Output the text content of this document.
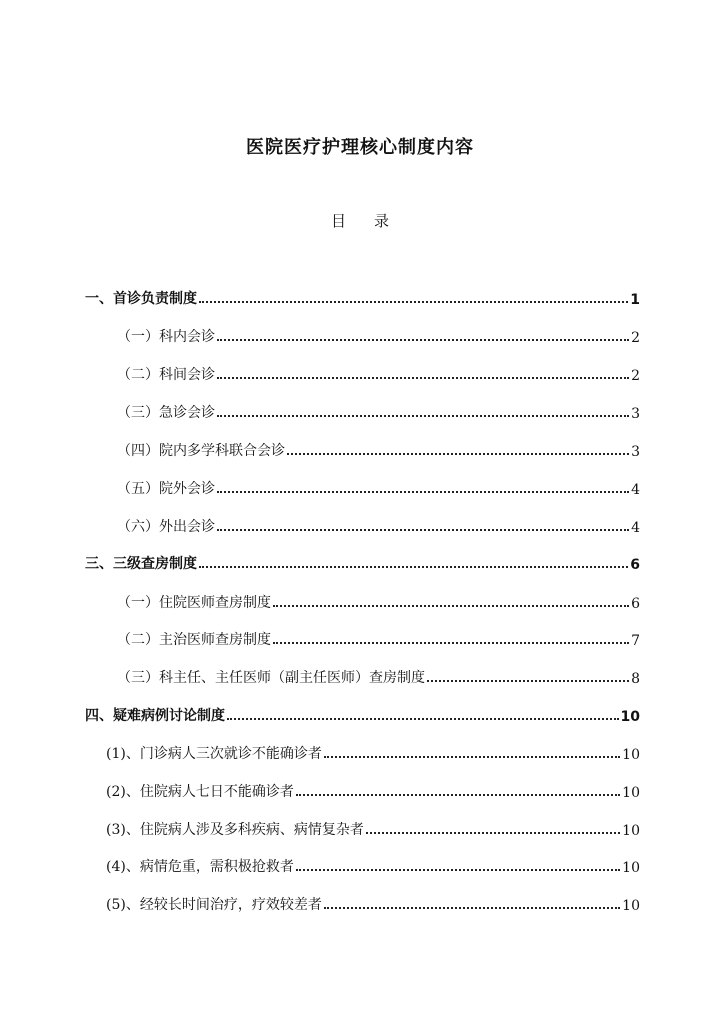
医院医疗护理核心制度内容
目 录
一、首诊负责制度	1
（一）科内会诊	2
（二）科间会诊	2
（三）急诊会诊	3
（四）院内多学科联合会诊	3
（五）院外会诊	4
（六）外出会诊	4
三、三级查房制度	6
（一）住院医师查房制度	6
（二）主治医师查房制度	7
（三）科主任、主任医师（副主任医师）查房制度	8
四、疑难病例讨论制度	10
(1)、门诊病人三次就诊不能确诊者	10
(2)、住院病人七日不能确诊者	10
(3)、住院病人涉及多科疾病、病情复杂者	10
(4)、病情危重，需积极抢救者	10
(5)、经较长时间治疗，疗效较差者	10
